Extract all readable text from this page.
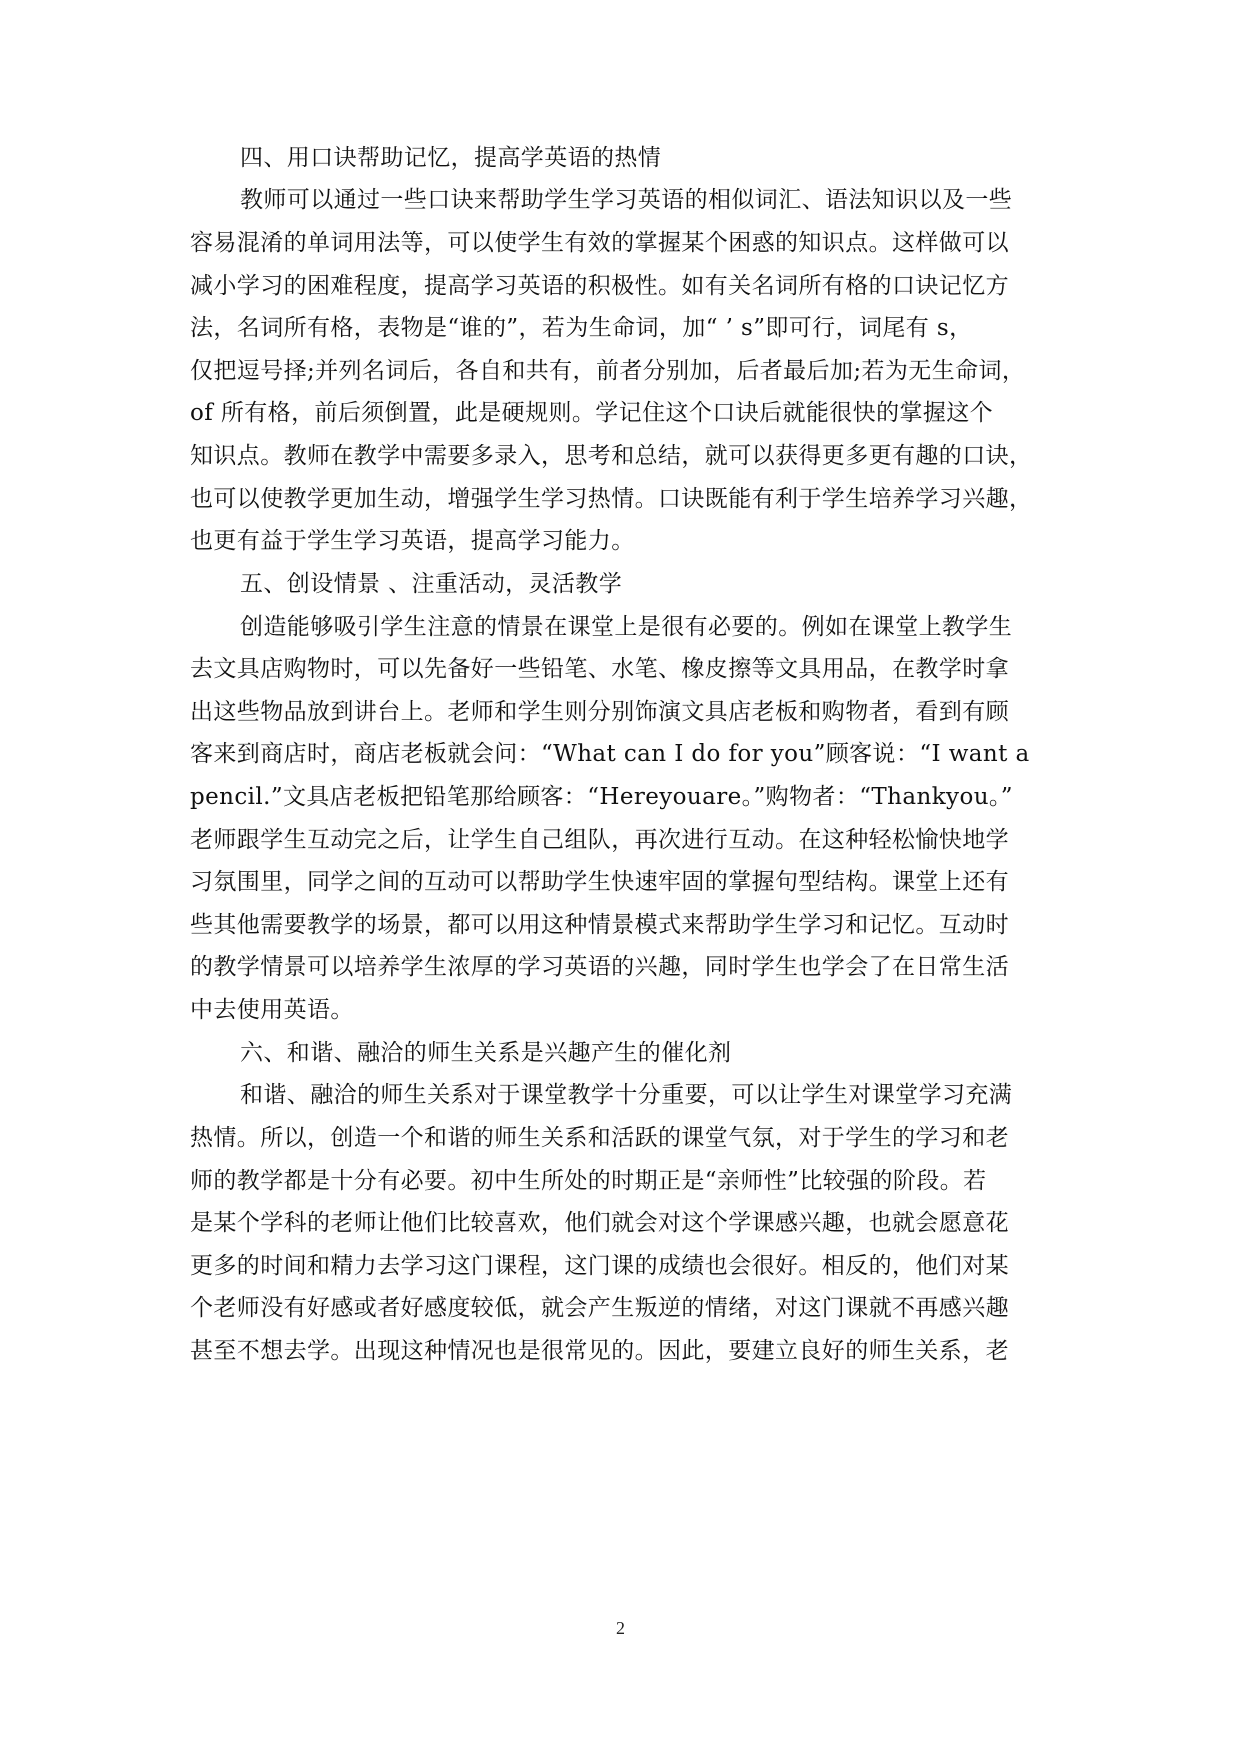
四、用口诀帮助记忆，提高学英语的热情
教师可以通过一些口诀来帮助学生学习英语的相似词汇、语法知识以及一些
容易混淆的单词用法等，可以使学生有效的掌握某个困惑的知识点。这样做可以
减小学习的困难程度，提高学习英语的积极性。如有关名词所有格的口诀记忆方
法，名词所有格，表物是“谁的”，若为生命词，加“ ’ s”即可行，词尾有 s，
仅把逗号择;并列名词后，各自和共有，前者分别加，后者最后加;若为无生命词，
of 所有格，前后须倒置，此是硬规则。学记住这个口诀后就能很快的掌握这个
知识点。教师在教学中需要多录入，思考和总结，就可以获得更多更有趣的口诀，
也可以使教学更加生动，增强学生学习热情。口诀既能有利于学生培养学习兴趣，
也更有益于学生学习英语，提高学习能力。
五、创设情景 、注重活动，灵活教学
创造能够吸引学生注意的情景在课堂上是很有必要的。例如在课堂上教学生
去文具店购物时，可以先备好一些铅笔、水笔、橡皮擦等文具用品，在教学时拿
出这些物品放到讲台上。老师和学生则分别饰演文具店老板和购物者，看到有顾
客来到商店时，商店老板就会问：“What can I do for you”顾客说：“I want a
pencil.”文具店老板把铅笔那给顾客：“Hereyouare。”购物者：“Thankyou。”
老师跟学生互动完之后，让学生自己组队，再次进行互动。在这种轻松愉快地学
习氛围里，同学之间的互动可以帮助学生快速牢固的掌握句型结构。课堂上还有
些其他需要教学的场景，都可以用这种情景模式来帮助学生学习和记忆。互动时
的教学情景可以培养学生浓厚的学习英语的兴趣，同时学生也学会了在日常生活
中去使用英语。
六、和谐、融洽的师生关系是兴趣产生的催化剂
和谐、融洽的师生关系对于课堂教学十分重要，可以让学生对课堂学习充满
热情。所以，创造一个和谐的师生关系和活跃的课堂气氛，对于学生的学习和老
师的教学都是十分有必要。初中生所处的时期正是“亲师性”比较强的阶段。若
是某个学科的老师让他们比较喜欢，他们就会对这个学课感兴趣，也就会愿意花
更多的时间和精力去学习这门课程，这门课的成绩也会很好。相反的，他们对某
个老师没有好感或者好感度较低，就会产生叛逆的情绪，对这门课就不再感兴趣
甚至不想去学。出现这种情况也是很常见的。因此，要建立良好的师生关系，老
2
